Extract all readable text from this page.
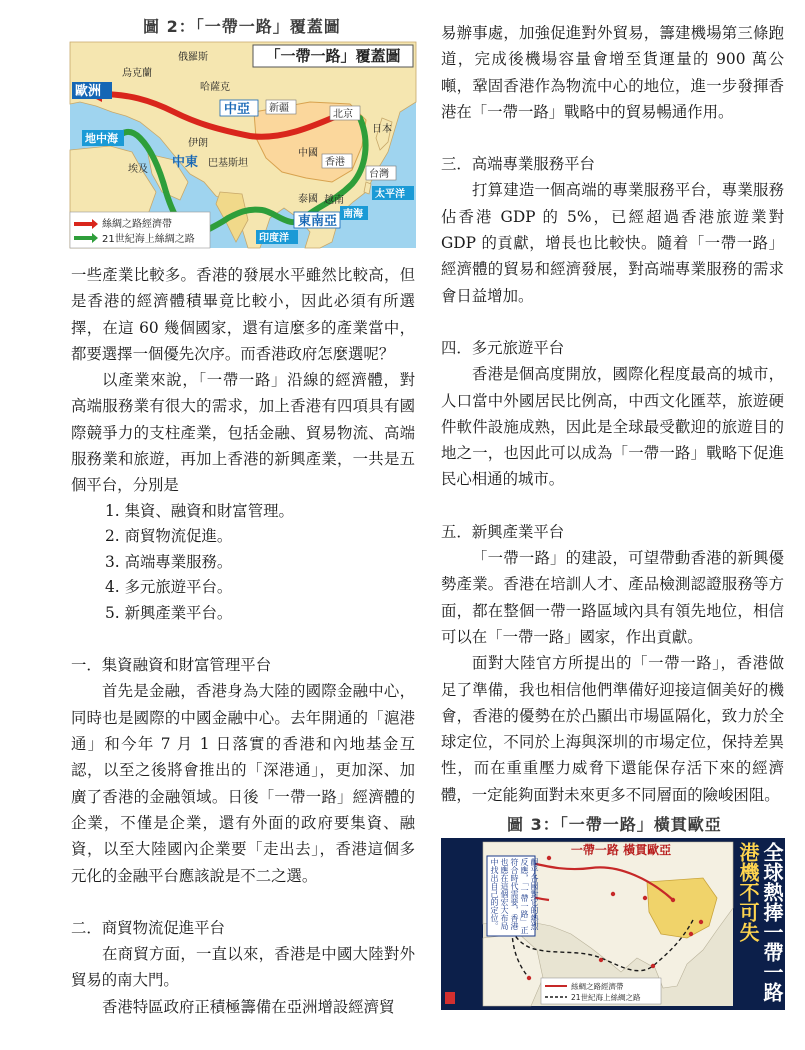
圖 2：「一帶一路」覆蓋圖
「一帶一路」覆蓋圖
俄羅斯
烏克蘭
哈薩克
中國
日本
伊朗
埃及
泰國 越南
新疆
北京
香港
台灣
巴基斯坦
歐洲
中亞
地中海
中東
東南亞 南海
太平洋
印度洋
絲綢之路經濟帶
21世紀海上絲綢之路

一些產業比較多。香港的發展水平雖然比較高，但是香港的經濟體積畢竟比較小，因此必須有所選擇，在這 60 幾個國家，還有這麼多的產業當中，都要選擇一個優先次序。而香港政府怎麼選呢？

以產業來說，「一帶一路」沿線的經濟體，對高端服務業有很大的需求，加上香港有四項具有國際競爭力的支柱產業，包括金融、貿易物流、高端服務業和旅遊，再加上香港的新興產業，一共是五個平台，分別是

1. 集資、融資和財富管理。
2. 商貿物流促進。
3. 高端專業服務。
4. 多元旅遊平台。
5. 新興產業平台。

一．集資融資和財富管理平台

首先是金融，香港身為大陸的國際金融中心，同時也是國際的中國金融中心。去年開通的「滬港通」和今年 7 月 1 日落實的香港和內地基金互認，以至之後將會推出的「深港通」，更加深、加廣了香港的金融領域。日後「一帶一路」經濟體的企業，不僅是企業，還有外面的政府要集資、融資，以至大陸國內企業要「走出去」，香港這個多元化的金融平台應該說是不二之選。

二．商貿物流促進平台

在商貿方面，一直以來，香港是中國大陸對外貿易的南大門。

香港特區政府正積極籌備在亞洲增設經濟貿

易辦事處，加強促進對外貿易，籌建機場第三條跑道，完成後機場容量會增至貨運量的 900 萬公噸，鞏固香港作為物流中心的地位，進一步發揮香港在「一帶一路」戰略中的貿易暢通作用。

三．高端專業服務平台

打算建造一個高端的專業服務平台，專業服務佔香港 GDP 的 5%，已經超過香港旅遊業對 GDP 的貢獻，增長也比較快。隨着「一帶一路」經濟體的貿易和經濟發展，對高端專業服務的需求會日益增加。

四．多元旅遊平台

香港是個高度開放，國際化程度最高的城市，人口當中外國居民比例高，中西文化匯萃，旅遊硬件軟件設施成熟，因此是全球最受歡迎的旅遊目的地之一，也因此可以成為「一帶一路」戰略下促進民心相通的城市。

五．新興產業平台

「一帶一路」的建設，可望帶動香港的新興優勢產業。香港在培訓人才、產品檢測認證服務等方面，都在整個一帶一路區域內具有領先地位，相信可以在「一帶一路」國家，作出貢獻。

面對大陸官方所提出的「一帶一路」，香港做足了準備，我也相信他們準備好迎接這個美好的機會，香港的優勢在於凸顯出市場區隔化，致力於全球定位，不同於上海與深圳的市場定位，保持差異性，而在重重壓力威脅下還能保存活下來的經濟體，一定能夠面對未來更多不同層面的險峻困阻。

圖 3：「一帶一路」橫貫歐亞
一帶一路 橫貫歐亞
觀乎各國對它的熱烈反應，「一帶一路」正符合時代需要，香港也應在這個宏大布局中找出自己的定位。
絲綢之路經濟帶
21世紀海上絲綢之路	全球熱捧一帶一路
港機不可失
